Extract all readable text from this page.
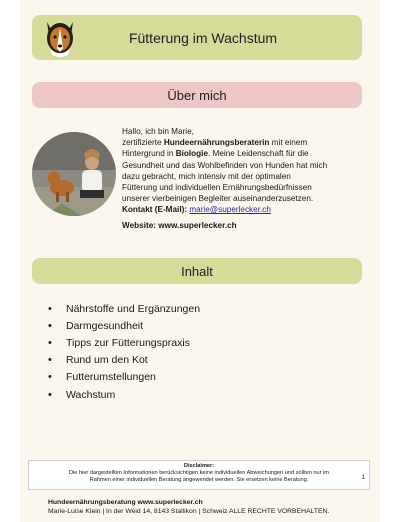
Fütterung im Wachstum
Über mich

Hallo, ich bin Marie,

zertifizierte Hundeernährungsberaterin mit einem

Hintergrund in Biologie. Meine Leidenschaft für die

Gesundheit und das Wohlbefinden von Hunden hat mich

dazu gebracht, mich intensiv mit der optimalen

Fütterung und individuellen Ernährungsbedürfnissen

unserer vierbeinigen Begleiter auseinanderzusetzen.

Kontakt (E-Mail): marie@superlecker.ch

Website: www.superlecker.ch

Inhalt
•	Nährstoffe und Ergänzungen
•	Darmgesundheit
•	Tipps zur Fütterungspraxis
•	Rund um den Kot
•	Futterumstellungen
•	Wachstum
Disclaimer:
Die hier dargestellten Informationen berücksichtigen keine individuellen Abweichungen und sollten nur im
Rahmen einer individuellen Beratung angewendet werden. Sie ersetzen keine Beratung.	1
Hundeernährungsberatung www.superlecker.ch
Marie-Luise Klein | In der Weid 14, 8143 Stallikon | Schweiz ALLE RECHTE VORBEHALTEN.
